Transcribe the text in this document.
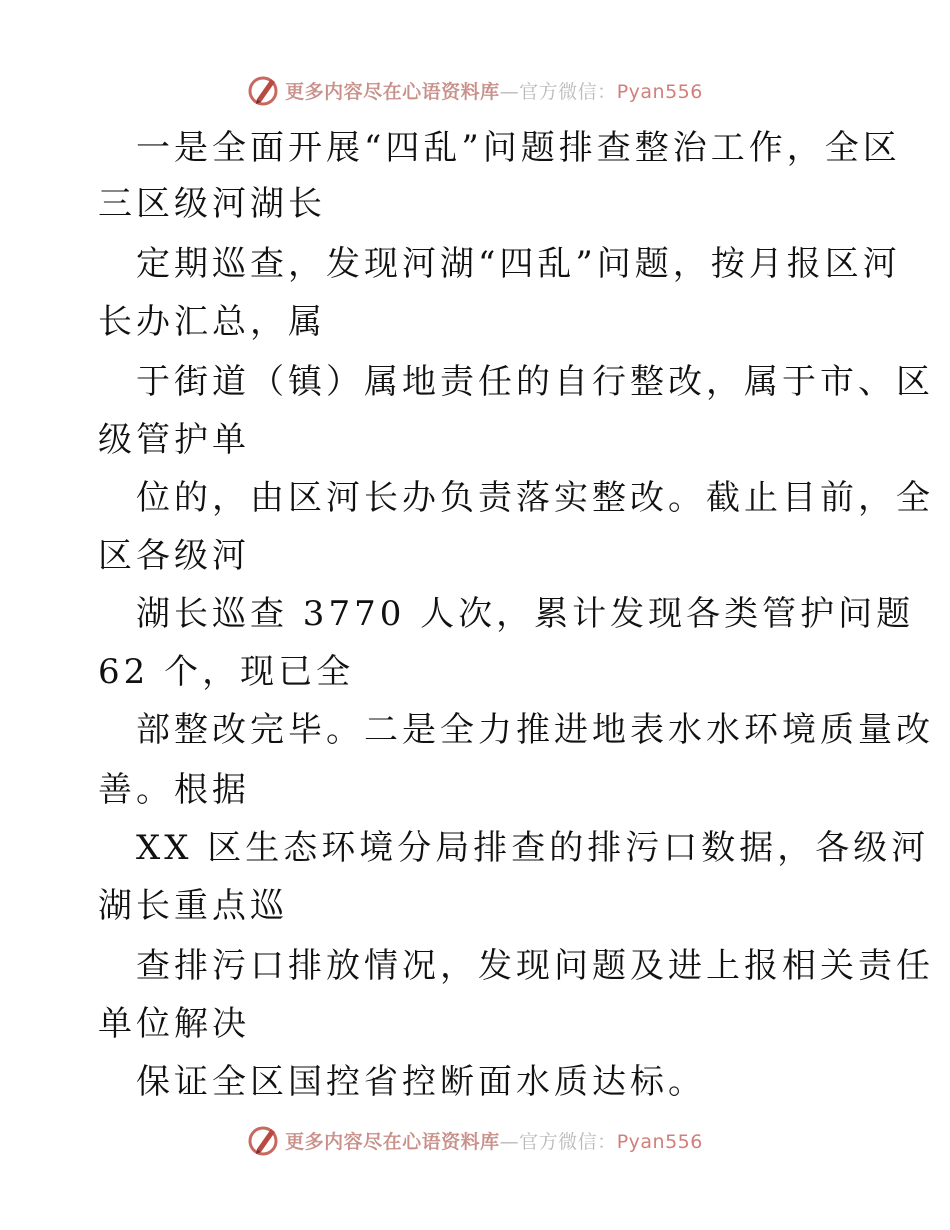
更多内容尽在心语资料库—官方微信：Pyan556
一是全面开展“四乱”问题排查整治工作，全区
三区级河湖长
定期巡查，发现河湖“四乱”问题，按月报区河
长办汇总，属
于街道（镇）属地责任的自行整改，属于市、区
级管护单
位的，由区河长办负责落实整改。截止目前，全
区各级河
湖长巡查 3770 人次，累计发现各类管护问题
62 个，现已全
部整改完毕。二是全力推进地表水水环境质量改
善。根据
XX 区生态环境分局排查的排污口数据，各级河
湖长重点巡
查排污口排放情况，发现问题及进上报相关责任
单位解决
保证全区国控省控断面水质达标。
更多内容尽在心语资料库—官方微信：Pyan556
